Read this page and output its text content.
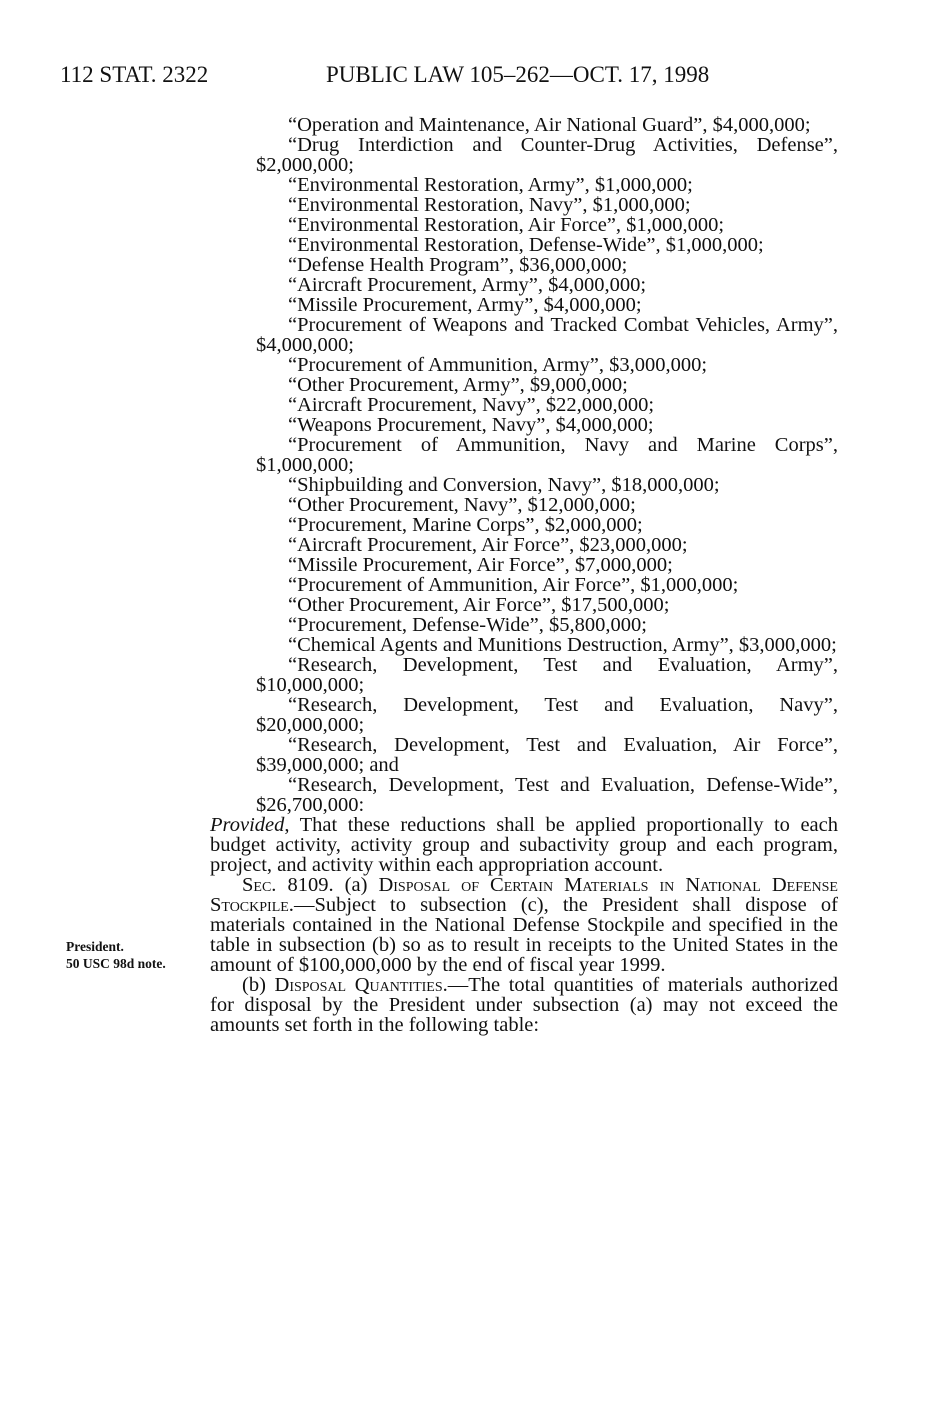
112 STAT. 2322	PUBLIC LAW 105–262—OCT. 17, 1998
President.
50 USC 98d note.

“Operation and Maintenance, Air National Guard”, $4,000,000;

“Drug Interdiction and Counter-Drug Activities, Defense”, $2,000,000;

“Environmental Restoration, Army”, $1,000,000;

“Environmental Restoration, Navy”, $1,000,000;

“Environmental Restoration, Air Force”, $1,000,000;

“Environmental Restoration, Defense-Wide”, $1,000,000;

“Defense Health Program”, $36,000,000;

“Aircraft Procurement, Army”, $4,000,000;

“Missile Procurement, Army”, $4,000,000;

“Procurement of Weapons and Tracked Combat Vehicles, Army”, $4,000,000;

“Procurement of Ammunition, Army”, $3,000,000;

“Other Procurement, Army”, $9,000,000;

“Aircraft Procurement, Navy”, $22,000,000;

“Weapons Procurement, Navy”, $4,000,000;

“Procurement of Ammunition, Navy and Marine Corps”, $1,000,000;

“Shipbuilding and Conversion, Navy”, $18,000,000;

“Other Procurement, Navy”, $12,000,000;

“Procurement, Marine Corps”, $2,000,000;

“Aircraft Procurement, Air Force”, $23,000,000;

“Missile Procurement, Air Force”, $7,000,000;

“Procurement of Ammunition, Air Force”, $1,000,000;

“Other Procurement, Air Force”, $17,500,000;

“Procurement, Defense-Wide”, $5,800,000;

“Chemical Agents and Munitions Destruction, Army”, $3,000,000;

“Research, Development, Test and Evaluation, Army”, $10,000,000;

“Research, Development, Test and Evaluation, Navy”, $20,000,000;

“Research, Development, Test and Evaluation, Air Force”, $39,000,000; and

“Research, Development, Test and Evaluation, Defense-Wide”, $26,700,000:

Provided, That these reductions shall be applied proportionally to each budget activity, activity group and subactivity group and each program, project, and activity within each appropriation account.

Sec. 8109. (a) Disposal of Certain Materials in National Defense Stockpile.—Subject to subsection (c), the President shall dispose of materials contained in the National Defense Stockpile and specified in the table in subsection (b) so as to result in receipts to the United States in the amount of $100,000,000 by the end of fiscal year 1999.

(b) Disposal Quantities.—The total quantities of materials authorized for disposal by the President under subsection (a) may not exceed the amounts set forth in the following table:
